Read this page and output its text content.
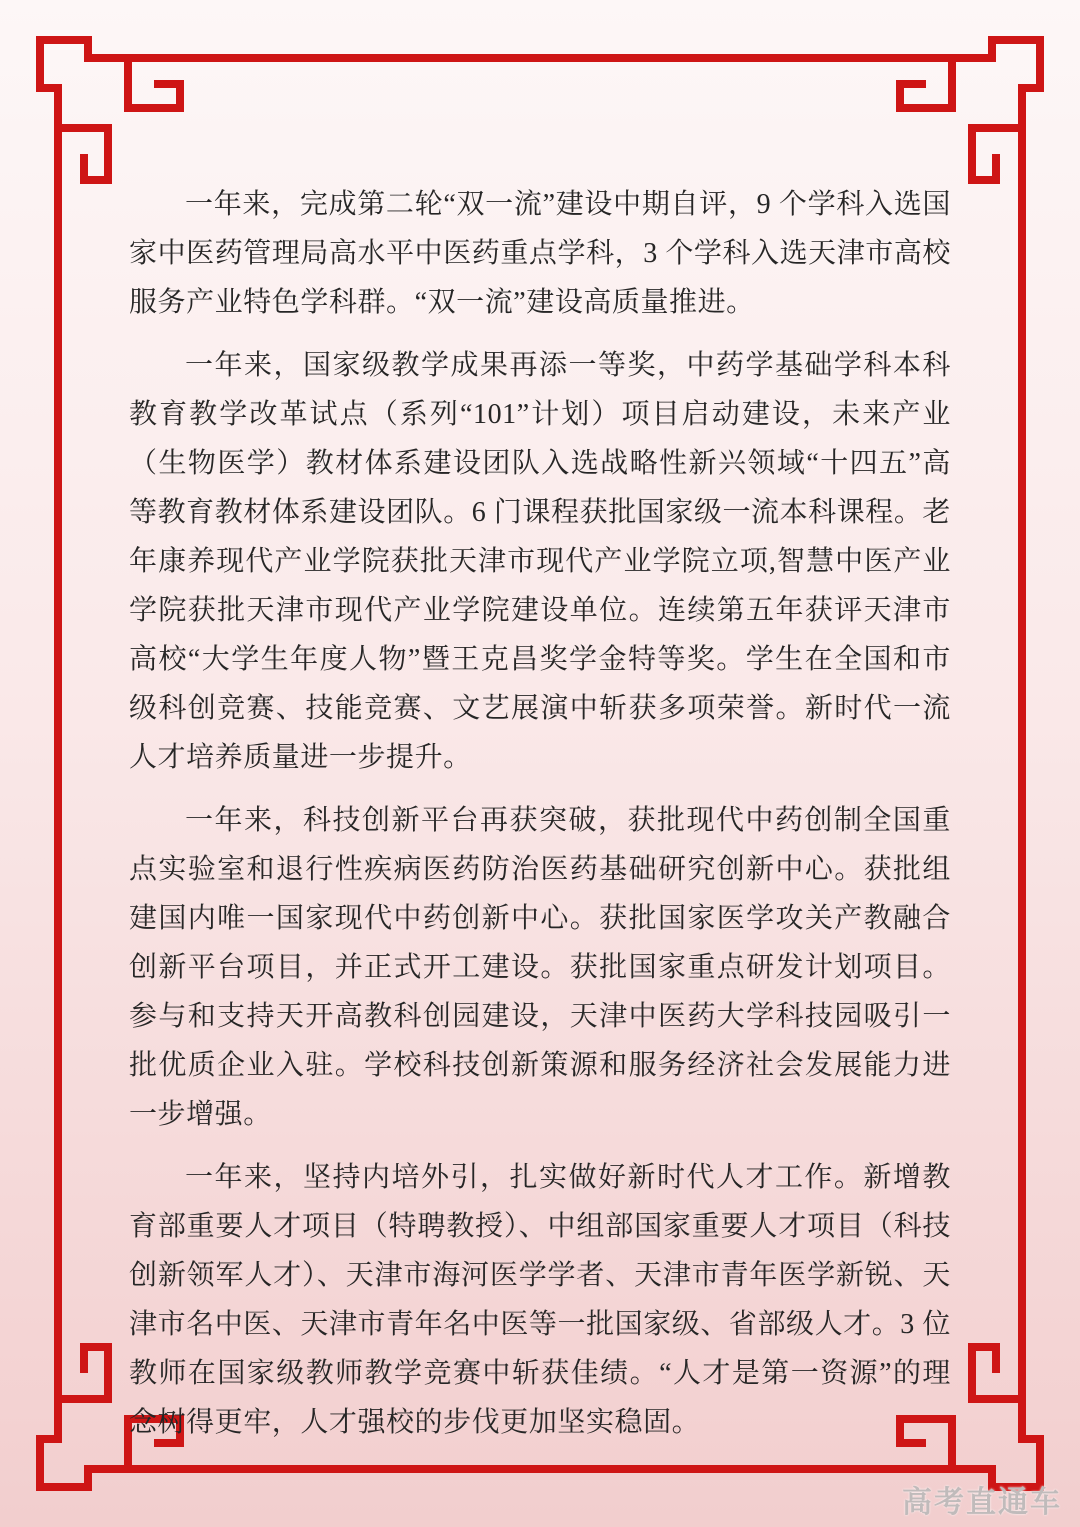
一年来，完成第二轮“双一流”建设中期自评，9 个学科入选国家中医药管理局高水平中医药重点学科，3 个学科入选天津市高校服务产业特色学科群。“双一流”建设高质量推进。

一年来，国家级教学成果再添一等奖，中药学基础学科本科教育教学改革试点（系列“101”计划）项目启动建设，未来产业（生物医学）教材体系建设团队入选战略性新兴领域“十四五”高等教育教材体系建设团队。6 门课程获批国家级一流本科课程。老年康养现代产业学院获批天津市现代产业学院立项,智慧中医产业学院获批天津市现代产业学院建设单位。连续第五年获评天津市高校“大学生年度人物”暨王克昌奖学金特等奖。学生在全国和市级科创竞赛、技能竞赛、文艺展演中斩获多项荣誉。新时代一流人才培养质量进一步提升。

一年来，科技创新平台再获突破，获批现代中药创制全国重点实验室和退行性疾病医药防治医药基础研究创新中心。获批组建国内唯一国家现代中药创新中心。获批国家医学攻关产教融合创新平台项目，并正式开工建设。获批国家重点研发计划项目。参与和支持天开高教科创园建设，天津中医药大学科技园吸引一批优质企业入驻。学校科技创新策源和服务经济社会发展能力进一步增强。

一年来，坚持内培外引，扎实做好新时代人才工作。新增教育部重要人才项目（特聘教授）、中组部国家重要人才项目（科技创新领军人才）、天津市海河医学学者、天津市青年医学新锐、天津市名中医、天津市青年名中医等一批国家级、省部级人才。3 位教师在国家级教师教学竞赛中斩获佳绩。“人才是第一资源”的理念树得更牢，人才强校的步伐更加坚实稳固。

高考直通车
